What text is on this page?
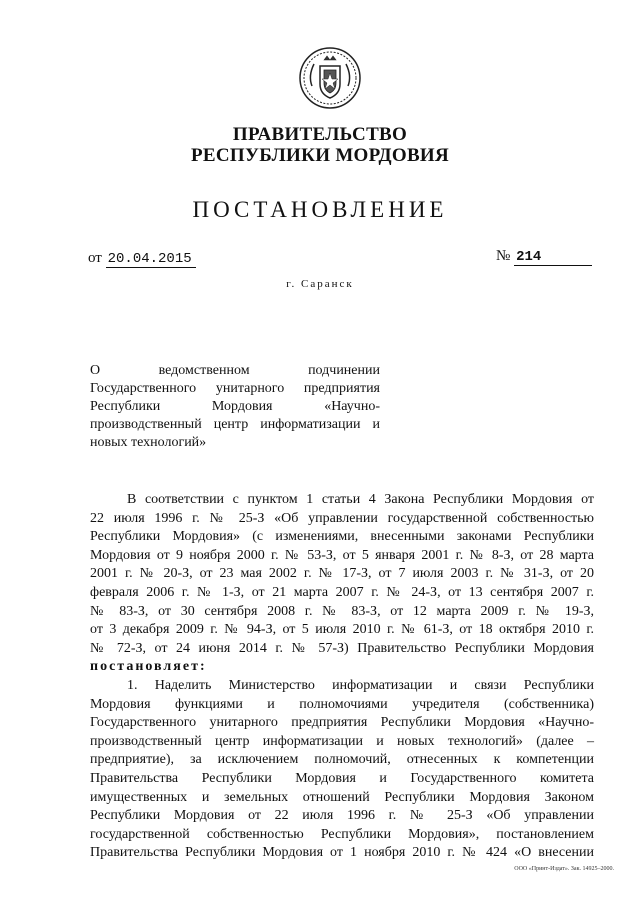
ПРАВИТЕЛЬСТВО
РЕСПУБЛИКИ МОРДОВИЯ
ПОСТАНОВЛЕНИЕ
от 20.04.2015	№ 214
г. Саранск
О ведомственном подчинении
Государственного унитарного предприятия
Республики Мордовия «Научно-
производственный центр информатизации и
новых технологий»
В соответствии с пунктом 1 статьи 4 Закона Республики Мордовия от
22 июля 1996 г. № 25-З «Об управлении государственной собственностью
Республики Мордовия» (с изменениями, внесенными законами Республики
Мордовия от 9 ноября 2000 г. № 53-З, от 5 января 2001 г. № 8-З, от 28 марта
2001 г. № 20-З, от 23 мая 2002 г. № 17-З, от 7 июля 2003 г. № 31-З, от 20
февраля 2006 г. № 1-З, от 21 марта 2007 г. № 24-З, от 13 сентября 2007 г.
№ 83-З, от 30 сентября 2008 г. № 83-З, от 12 марта 2009 г. № 19-З,
от 3 декабря 2009 г. № 94-З, от 5 июля 2010 г. № 61-З, от 18 октября 2010 г.
№ 72-З, от 24 июня 2014 г. № 57-З) Правительство Республики Мордовия
постановляет:
1. Наделить Министерство информатизации и связи Республики
Мордовия функциями и полномочиями учредителя (собственника)
Государственного унитарного предприятия Республики Мордовия «Научно-
производственный центр информатизации и новых технологий» (далее –
предприятие), за исключением полномочий, отнесенных к компетенции
Правительства Республики Мордовия и Государственного комитета
имущественных и земельных отношений Республики Мордовия Законом
Республики Мордовия от 22 июля 1996 г. № 25-З «Об управлении
государственной собственностью Республики Мордовия», постановлением
Правительства Республики Мордовия от 1 ноября 2010 г. № 424 «О внесении
ООО «Принт-Издат». Зак. 14925–2000.
